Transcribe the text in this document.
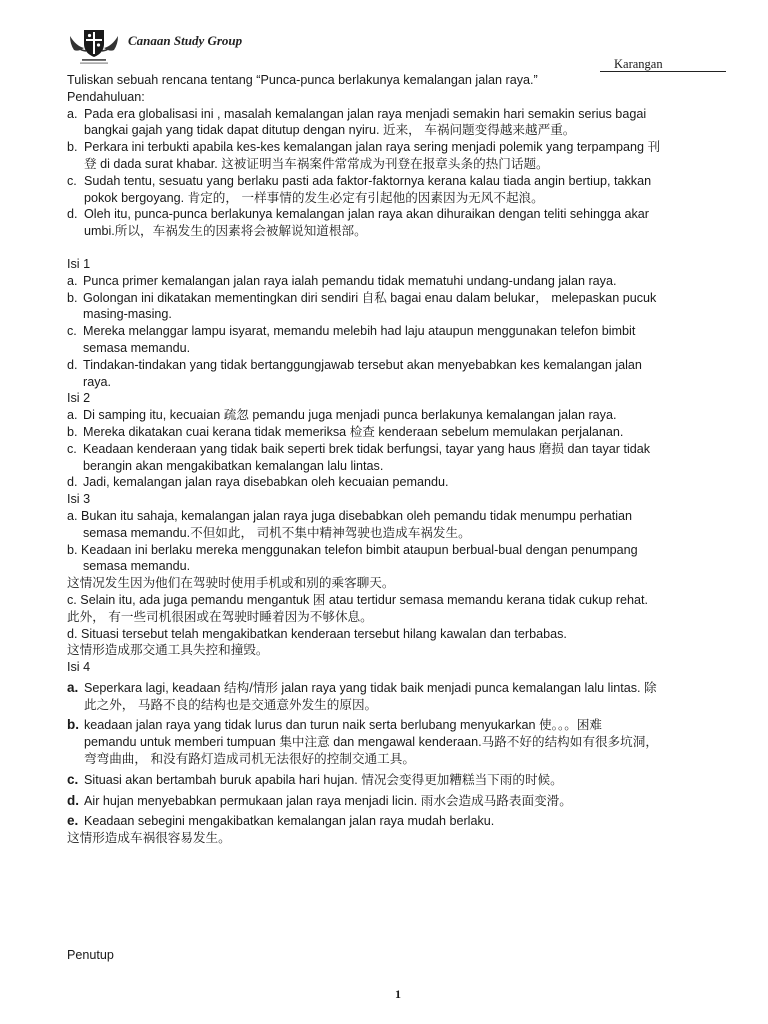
Canaan Study Group
Karangan
Tuliskan sebuah rencana tentang “Punca-punca berlakunya kemalangan jalan raya.”
Pendahuluan:
a. Pada era globalisasi ini , masalah kemalangan jalan raya menjadi semakin hari semakin serius bagai
bangkai gajah yang tidak dapat ditutup dengan nyiru. 近来， 车祸问题变得越来越严重。
b. Perkara ini terbukti apabila kes-kes kemalangan jalan raya sering menjadi polemik yang terpampang 刊
登 di dada surat khabar. 这被证明当车祸案件常常成为刊登在报章头条的热门话题。
c. Sudah tentu, sesuatu yang berlaku pasti ada faktor-faktornya kerana kalau tiada angin bertiup, takkan
pokok bergoyang. 肯定的， 一样事情的发生必定有引起他的因素因为无风不起浪。
d. Oleh itu, punca-punca berlakunya kemalangan jalan raya akan dihuraikan dengan teliti sehingga akar
umbi.所以，车祸发生的因素将会被解说知道根部。
Isi 1
a. Punca primer kemalangan jalan raya ialah pemandu tidak mematuhi undang-undang jalan raya.
b. Golongan ini dikatakan mementingkan diri sendiri 自私 bagai enau dalam belukar， melepaskan pucuk
masing-masing.
c. Mereka melanggar lampu isyarat, memandu melebih had laju ataupun menggunakan telefon bimbit
semasa memandu.
d. Tindakan-tindakan yang tidak bertanggungjawab tersebut akan menyebabkan kes kemalangan jalan
raya.
Isi 2
a. Di samping itu, kecuaian 疏忽 pemandu juga menjadi punca berlakunya kemalangan jalan raya.
b. Mereka dikatakan cuai kerana tidak memeriksa 检查 kenderaan sebelum memulakan perjalanan.
c. Keadaan kenderaan yang tidak baik seperti brek tidak berfungsi, tayar yang haus 磨损 dan tayar tidak
berangin akan mengakibatkan kemalangan lalu lintas.
d. Jadi, kemalangan jalan raya disebabkan oleh kecuaian pemandu.
Isi 3
a. Bukan itu sahaja, kemalangan jalan raya juga disebabkan oleh pemandu tidak menumpu perhatian
semasa memandu.不但如此， 司机不集中精神驾驶也造成车祸发生。
b. Keadaan ini berlaku mereka menggunakan telefon bimbit ataupun berbual-bual dengan penumpang
semasa memandu.
这情况发生因为他们在驾驶时使用手机或和别的乘客聊天。
c. Selain itu, ada juga pemandu mengantuk 困 atau tertidur semasa memandu kerana tidak cukup rehat.
此外， 有一些司机很困或在驾驶时睡着因为不够休息。
d. Situasi tersebut telah mengakibatkan kenderaan tersebut hilang kawalan dan terbabas.
这情形造成那交通工具失控和撞毁。
Isi 4
a. Seperkara lagi, keadaan 结构/情形 jalan raya yang tidak baik menjadi punca kemalangan lalu lintas. 除
此之外， 马路不良的结构也是交通意外发生的原因。
b. keadaan jalan raya yang tidak lurus dan turun naik serta berlubang menyukarkan 使。。。困难
pemandu untuk memberi tumpuan 集中注意 dan mengawal kenderaan.马路不好的结构如有很多坑洞，
弯弯曲曲， 和没有路灯造成司机无法很好的控制交通工具。
c. Situasi akan bertambah buruk apabila hari hujan. 情况会变得更加糟糕当下雨的时候。
d. Air hujan menyebabkan permukaan jalan raya menjadi licin. 雨水会造成马路表面变滑。
e. Keadaan sebegini mengakibatkan kemalangan jalan raya mudah berlaku.
这情形造成车祸很容易发生。
Penutup
1
